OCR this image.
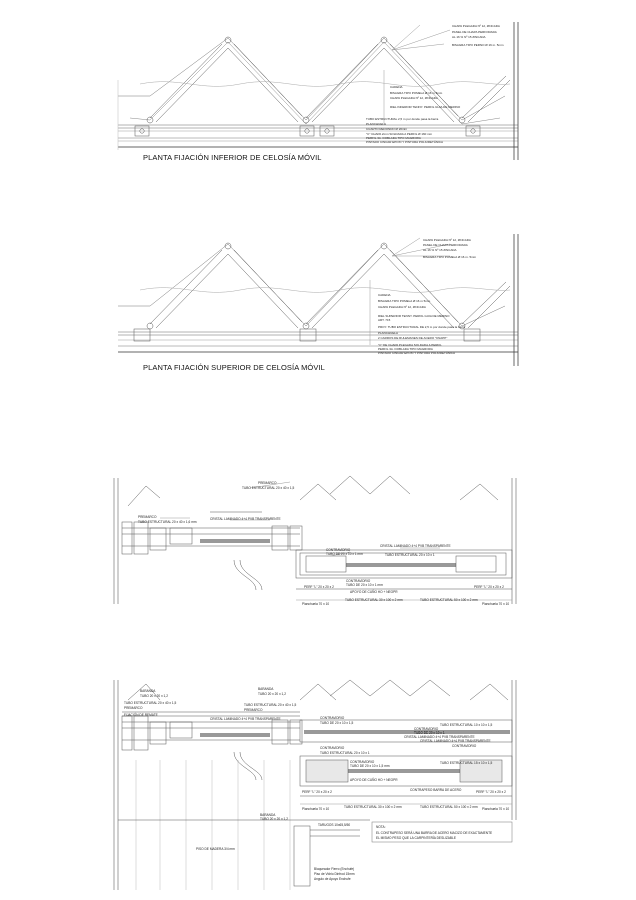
CHAPA PLEGADA Nº 12, ZINCADA
PANEL DE CHAPA PERFORADA
AL 16 % Nº 15 ZINCADA
BISAGRA TIPO PERNO Ø 16 m. 5mm
CADENA
BISAGRA TIPO POMELA Ø 16 m 5mm
CHAPA PLEGADA Nº 12, ZINCADA
RIEL INFERIOR TENNY. PERFIL GUIA DE MERINO
TUBO ESTRUCTURAL 2,5 m por donde pasa la barra
PLANCHUELA
CUARTO REDONDO Ø 20mm
"C" CHAPA 2mm SOLDADA A PERFIL Ø 160 mm
PERFIL 3A. DOBLADA TIPO MAGRORA
PINTADO CINCAR EPOXI Y PINTURA POLIURETÁNICA
PLANTA FIJACIÓN INFERIOR DE CELOSÍA MÓVIL
CHAPA PLEGADA Nº 12, ZINCADA
PANEL DE CHAPA PERFORADA
AL 16 % Nº 15 ZINCADA
BISAGRA TIPO POMELA Ø 16 m. 5mm
CADENA
BISAGRA TIPO POMELA Ø 16 m 5mm
CHAPA PLEGADA Nº 12, ZINCADA
RIEL SUPERIOR TENNY. PERFIL GUIA DE MERINO
ART. 715
PROY. TUBO ESTRUCTURAL DE 2,5 m por donde pasa la barra
PLANCHUELA
2 CARROS DE RULEMANES DE ACERO "KNAPP"
"C" DE CHAPA PLEGADA SOLDADA A PERFIL
PERFIL 3A. DOBLADA TIPO MAGRORA
PINTADO CINCAR EPOXI Y PINTURA POLIURETÁNICA
PLANTA FIJACIÓN SUPERIOR DE CELOSÍA MÓVIL
PREMARCO
TUBO ESTRUCTURAL 20 x 40 x 1,5
PREMARCO
TUBO ESTRUCTURAL 20 x 40 x 1,6 mm
CRISTAL LAMINADO 4+4 PVB TRANSPARENTE
CRISTAL LAMINADO 4+4 PVB TRANSPARENTE
CONTRAVIDRIO
TUBO DE 20 x 10 x 1 mm	TUBO ESTRUCTURAL 20 x 10 x 1
CONTRAVIDRIO
TUBO DE 20 x 10 x 1 mm
APOYO DE CUÑO HO + NEOPR
PERF "L" 20 x 20 x 2	PERF "L" 20 x 20 x 2
Planchuela 70 x 10
TUBO ESTRUCTURAL 30 x 100 x 2 mm	TUBO ESTRUCTURAL 50 x 100 x 2 mm
Planchuela 70 x 10
BARANDA
TUBO 20 x 20 x 1,2
BARANDA
TUBO 20 x 20 x 1,2
TUBO ESTRUCTURAL 20 x 40 x 1,5
PREMARCO
TUBO ESTRUCTURAL 20 x 40 x 1,5
PREMARCO
CRISTAL LAMINADO 4+4 PVB TRANSPARENTE
CRISTAL LAMINADO 4+4 PVB TRANSPARENTE
FIJACIÓN DE REMATE
CONTRAVIDRIO
TUBO DE 20 x 10 x 1,5
CONTRAVIDRIO
TUBO ESTRUCTURAL 20 x 10 x 1
CONTRAVIDRIO
TUBO DE 20 x 10 x 1
CONTRAVIDRIO
TUBO ESTRUCTURAL 10 x 10 x 1,5
CRISTAL LAMINADO 4+4 PVB TRANSPARENTE
TUBO ESTRUCTURAL 15 x 10 x 1,5
CONTRAVIDRIO
TUBO DE 20 x 10 x 1,5 mm
APOYO DE CUÑO HO + NEOPR
CONTRAPESO BARRA DE ACERO
PERF "L" 20 x 20 x 2	PERF "L" 20 x 20 x 2
Planchuela 70 x 10	TUBO ESTRUCTURAL 30 x 100 x 2 mm	TUBO ESTRUCTURAL 50 x 100 x 2 mm Planchuela 70 x 10
BARANDA
TUBO 20 x 20 x 1,2
TARUGOS 10x65,5/50
PISO DE MADERA 3/4 mm
Bloqueador Fierro (Enchufe)
Piso de Vidrio Dinfrod 15mm
Angulo de Apoyo Enchufe
NOTA:
EL CONTRAPESO SERÁ UNA BARRA DE ACERO MACIZO DE EXACTAMENTE
EL MISMO PESO QUE LA CARPINTERÍA DESLIZABLE
